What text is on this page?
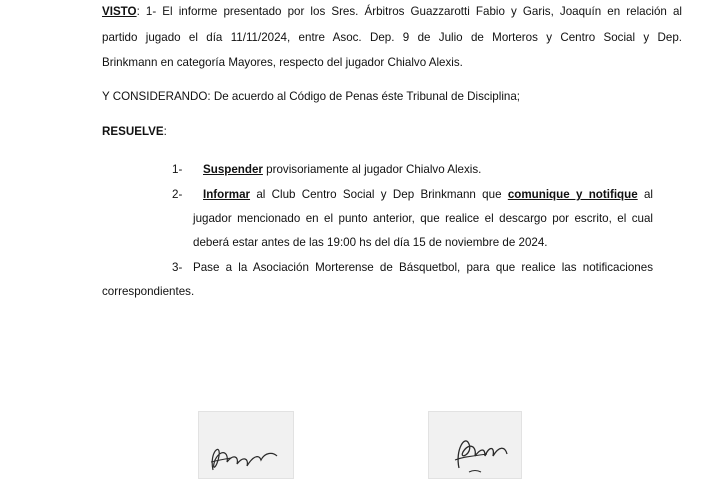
VISTO: 1- El informe presentado por los Sres. Árbitros Guazzarotti Fabio y Garis, Joaquín en relación al
partido jugado el día 11/11/2024, entre Asoc. Dep. 9 de Julio de Morteros y Centro Social y Dep.
Brinkmann en categoría Mayores, respecto del jugador Chialvo Alexis.
Y CONSIDERANDO: De acuerdo al Código de Penas éste Tribunal de Disciplina;
RESUELVE:
1- Suspender provisoriamente al jugador Chialvo Alexis.
2- Informar al Club Centro Social y Dep Brinkmann que comunique y notifique al
jugador mencionado en el punto anterior, que realice el descargo por escrito, el cual
deberá estar antes de las 19:00 hs del día 15 de noviembre de 2024.
3- Pase a la Asociación Morterense de Básquetbol, para que realice las notificaciones
correspondientes.
